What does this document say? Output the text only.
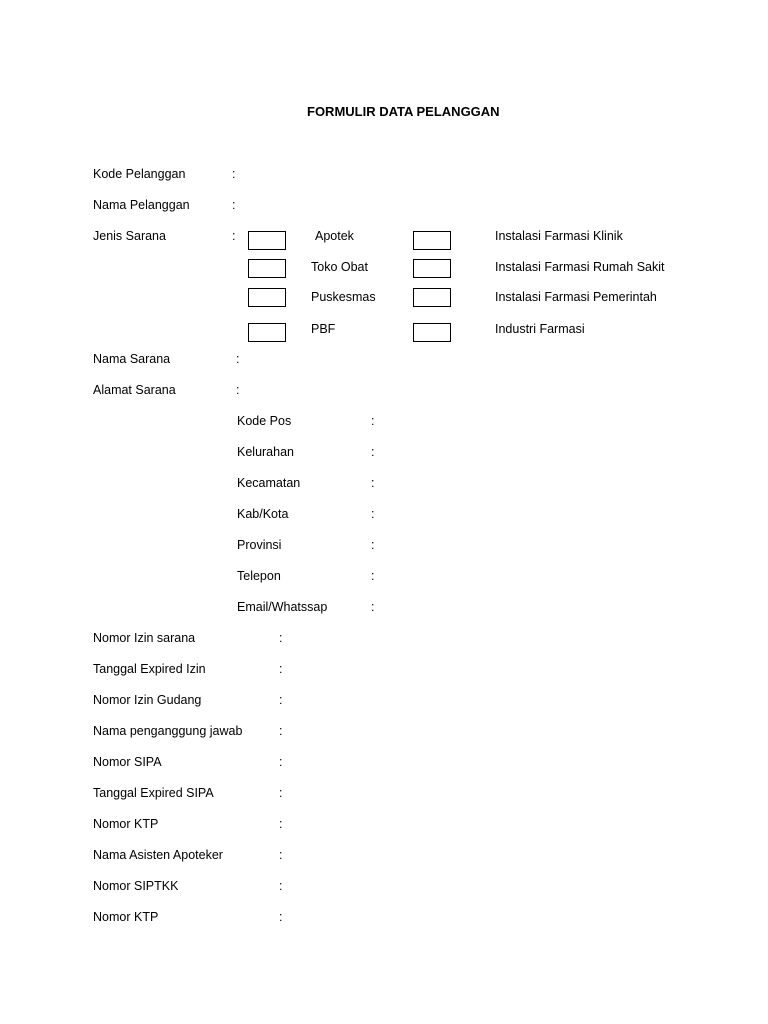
FORMULIR DATA PELANGGAN
Kode Pelanggan	:
Nama Pelanggan	:
Jenis Sarana	:	Apotek	Instalasi Farmasi Klinik
Toko Obat	Instalasi Farmasi Rumah Sakit
Puskesmas	Instalasi Farmasi Pemerintah
PBF	Industri Farmasi
Nama Sarana	:
Alamat Sarana	:
Kode Pos	:
Kelurahan	:
Kecamatan	:
Kab/Kota	:
Provinsi	:
Telepon	:
Email/Whatssap	:
Nomor Izin sarana	:
Tanggal Expired Izin	:
Nomor Izin Gudang	:
Nama penganggung jawab	:
Nomor SIPA	:
Tanggal Expired SIPA	:
Nomor KTP	:
Nama Asisten Apoteker	:
Nomor SIPTKK	:
Nomor KTP	:
